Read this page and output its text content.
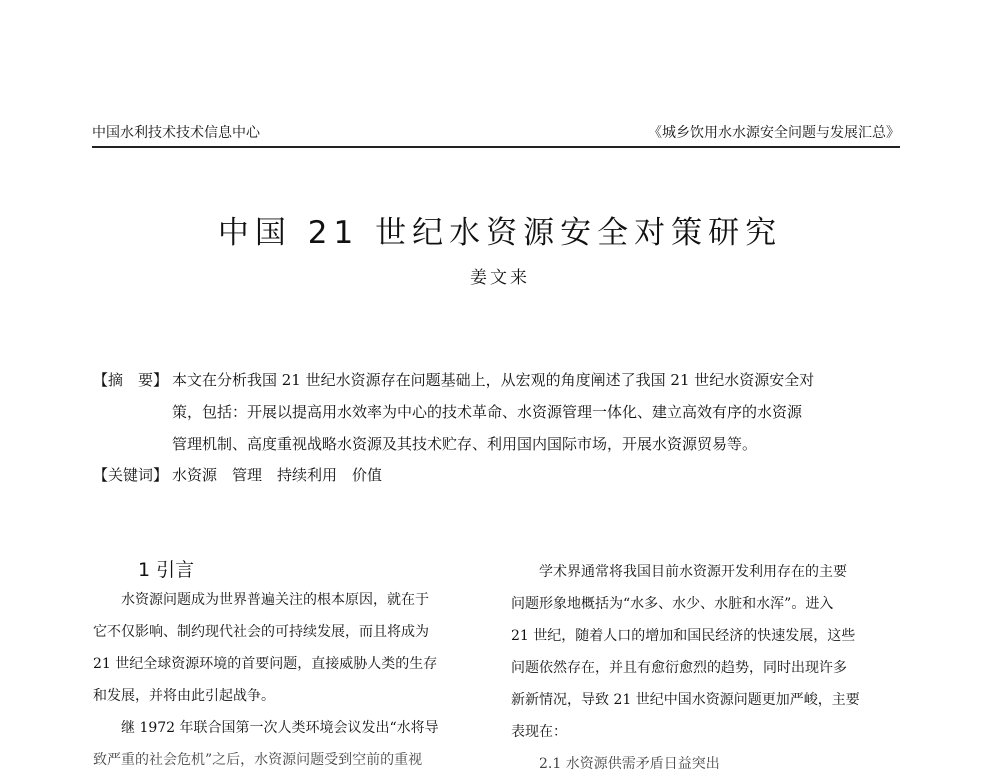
中国水利技术技术信息中心	《城乡饮用水水源安全问题与发展汇总》
中国 21 世纪水资源安全对策研究
姜文来
【摘　要】 本文在分析我国 21 世纪水资源存在问题基础上，从宏观的角度阐述了我国 21 世纪水资源安全对
策，包括：开展以提高用水效率为中心的技术革命、水资源管理一体化、建立高效有序的水资源
管理机制、高度重视战略水资源及其技术贮存、利用国内国际市场，开展水资源贸易等。
【关键词】 水资源　管理　持续利用　价值
1 引言

水资源问题成为世界普遍关注的根本原因，就在于

它不仅影响、制约现代社会的可持续发展，而且将成为

21 世纪全球资源环境的首要问题，直接威胁人类的生存

和发展，并将由此引起战争。

继 1972 年联合国第一次人类环境会议发出“水将导

致严重的社会危机”之后，水资源问题受到空前的重视

学术界通常将我国目前水资源开发利用存在的主要

问题形象地概括为“水多、水少、水脏和水浑”。进入

21 世纪，随着人口的增加和国民经济的快速发展，这些

问题依然存在，并且有愈衍愈烈的趋势，同时出现许多

新新情况，导致 21 世纪中国水资源问题更加严峻，主要

表现在：

2.1 水资源供需矛盾日益突出
